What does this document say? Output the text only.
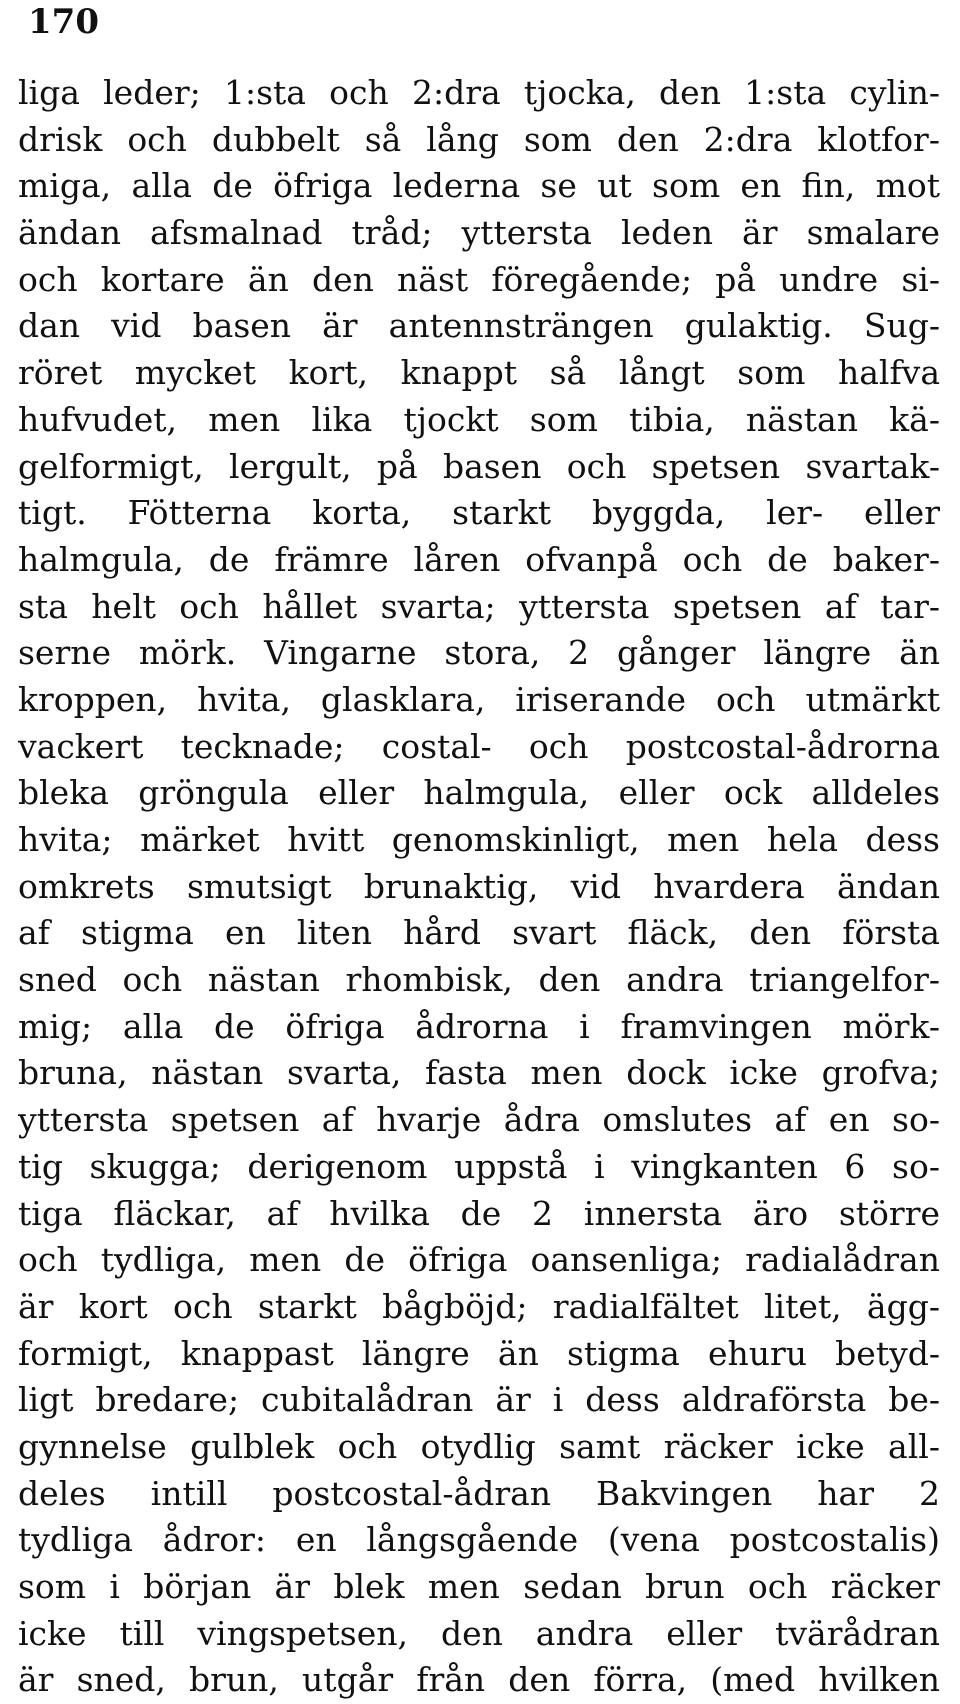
170
liga leder; 1:sta och 2:dra tjocka, den 1:sta cylin-
drisk och dubbelt så lång som den 2:dra klotfor-
miga, alla de öfriga lederna se ut som en fin, mot
ändan afsmalnad tråd; yttersta leden är smalare
och kortare än den näst föregående; på undre si-
dan vid basen är antennsträngen gulaktig. Sug-
röret mycket kort, knappt så långt som halfva
hufvudet, men lika tjockt som tibia, nästan kä-
gelformigt, lergult, på basen och spetsen svartak-
tigt. Fötterna korta, starkt byggda, ler- eller
halmgula, de främre låren ofvanpå och de baker-
sta helt och hållet svarta; yttersta spetsen af tar-
serne mörk. Vingarne stora, 2 gånger längre än
kroppen, hvita, glasklara, iriserande och utmärkt
vackert tecknade; costal- och postcostal-ådrorna
bleka gröngula eller halmgula, eller ock alldeles
hvita; märket hvitt genomskinligt, men hela dess
omkrets smutsigt brunaktig, vid hvardera ändan
af stigma en liten hård svart fläck, den första
sned och nästan rhombisk, den andra triangelfor-
mig; alla de öfriga ådrorna i framvingen mörk-
bruna, nästan svarta, fasta men dock icke grofva;
yttersta spetsen af hvarje ådra omslutes af en so-
tig skugga; derigenom uppstå i vingkanten 6 so-
tiga fläckar, af hvilka de 2 innersta äro större
och tydliga, men de öfriga oansenliga; radialådran
är kort och starkt bågböjd; radialfältet litet, ägg-
formigt, knappast längre än stigma ehuru betyd-
ligt bredare; cubitalådran är i dess aldraförsta be-
gynnelse gulblek och otydlig samt räcker icke all-
deles intill postcostal-ådran Bakvingen har 2
tydliga ådror: en långsgående (vena postcostalis)
som i början är blek men sedan brun och räcker
icke till vingspetsen, den andra eller tvärådran
är sned, brun, utgår från den förra, (med hvilken
